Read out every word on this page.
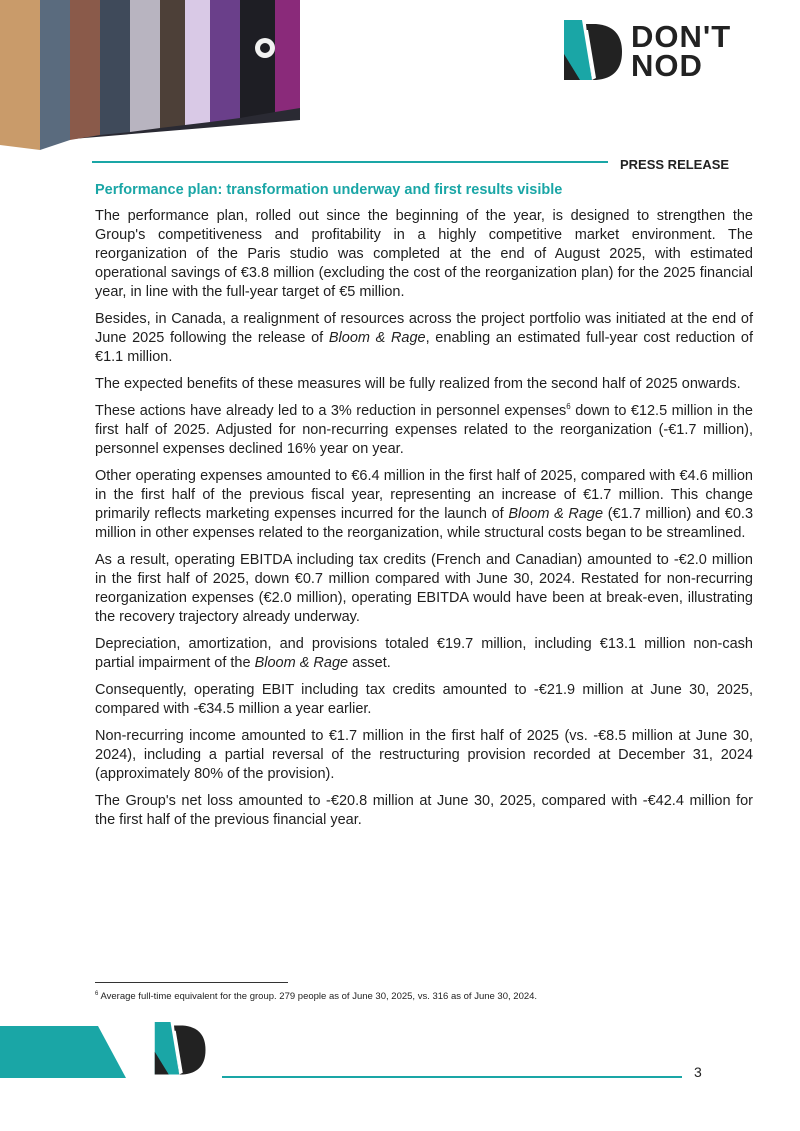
DON'T
NOD
PRESS RELEASE
Performance plan: transformation underway and first results visible

The performance plan, rolled out since the beginning of the year, is designed to strengthen the Group's competitiveness and profitability in a highly competitive market environment. The reorganization of the Paris studio was completed at the end of August 2025, with estimated operational savings of €3.8 million (excluding the cost of the reorganization plan) for the 2025 financial year, in line with the full-year target of €5 million.

Besides, in Canada, a realignment of resources across the project portfolio was initiated at the end of June 2025 following the release of Bloom & Rage, enabling an estimated full-year cost reduction of €1.1 million.

The expected benefits of these measures will be fully realized from the second half of 2025 onwards.

These actions have already led to a 3% reduction in personnel expenses$^6$ down to €12.5 million in the first half of 2025. Adjusted for non-recurring expenses related to the reorganization (-€1.7 million), personnel expenses declined 16% year on year.

Other operating expenses amounted to €6.4 million in the first half of 2025, compared with €4.6 million in the first half of the previous fiscal year, representing an increase of €1.7 million. This change primarily reflects marketing expenses incurred for the launch of Bloom & Rage (€1.7 million) and €0.3 million in other expenses related to the reorganization, while structural costs began to be streamlined.

As a result, operating EBITDA including tax credits (French and Canadian) amounted to -€2.0 million in the first half of 2025, down €0.7 million compared with June 30, 2024. Restated for non-recurring reorganization expenses (€2.0 million), operating EBITDA would have been at break-even, illustrating the recovery trajectory already underway.

Depreciation, amortization, and provisions totaled €19.7 million, including €13.1 million non-cash partial impairment of the Bloom & Rage asset.

Consequently, operating EBIT including tax credits amounted to -€21.9 million at June 30, 2025, compared with -€34.5 million a year earlier.

Non-recurring income amounted to €1.7 million in the first half of 2025 (vs. -€8.5 million at June 30, 2024), including a partial reversal of the restructuring provision recorded at December 31, 2024 (approximately 80% of the provision).

The Group's net loss amounted to -€20.8 million at June 30, 2025, compared with -€42.4 million for the first half of the previous financial year.

$^6$ Average full-time equivalent for the group. 279 people as of June 30, 2025, vs. 316 as of June 30, 2024.
3
